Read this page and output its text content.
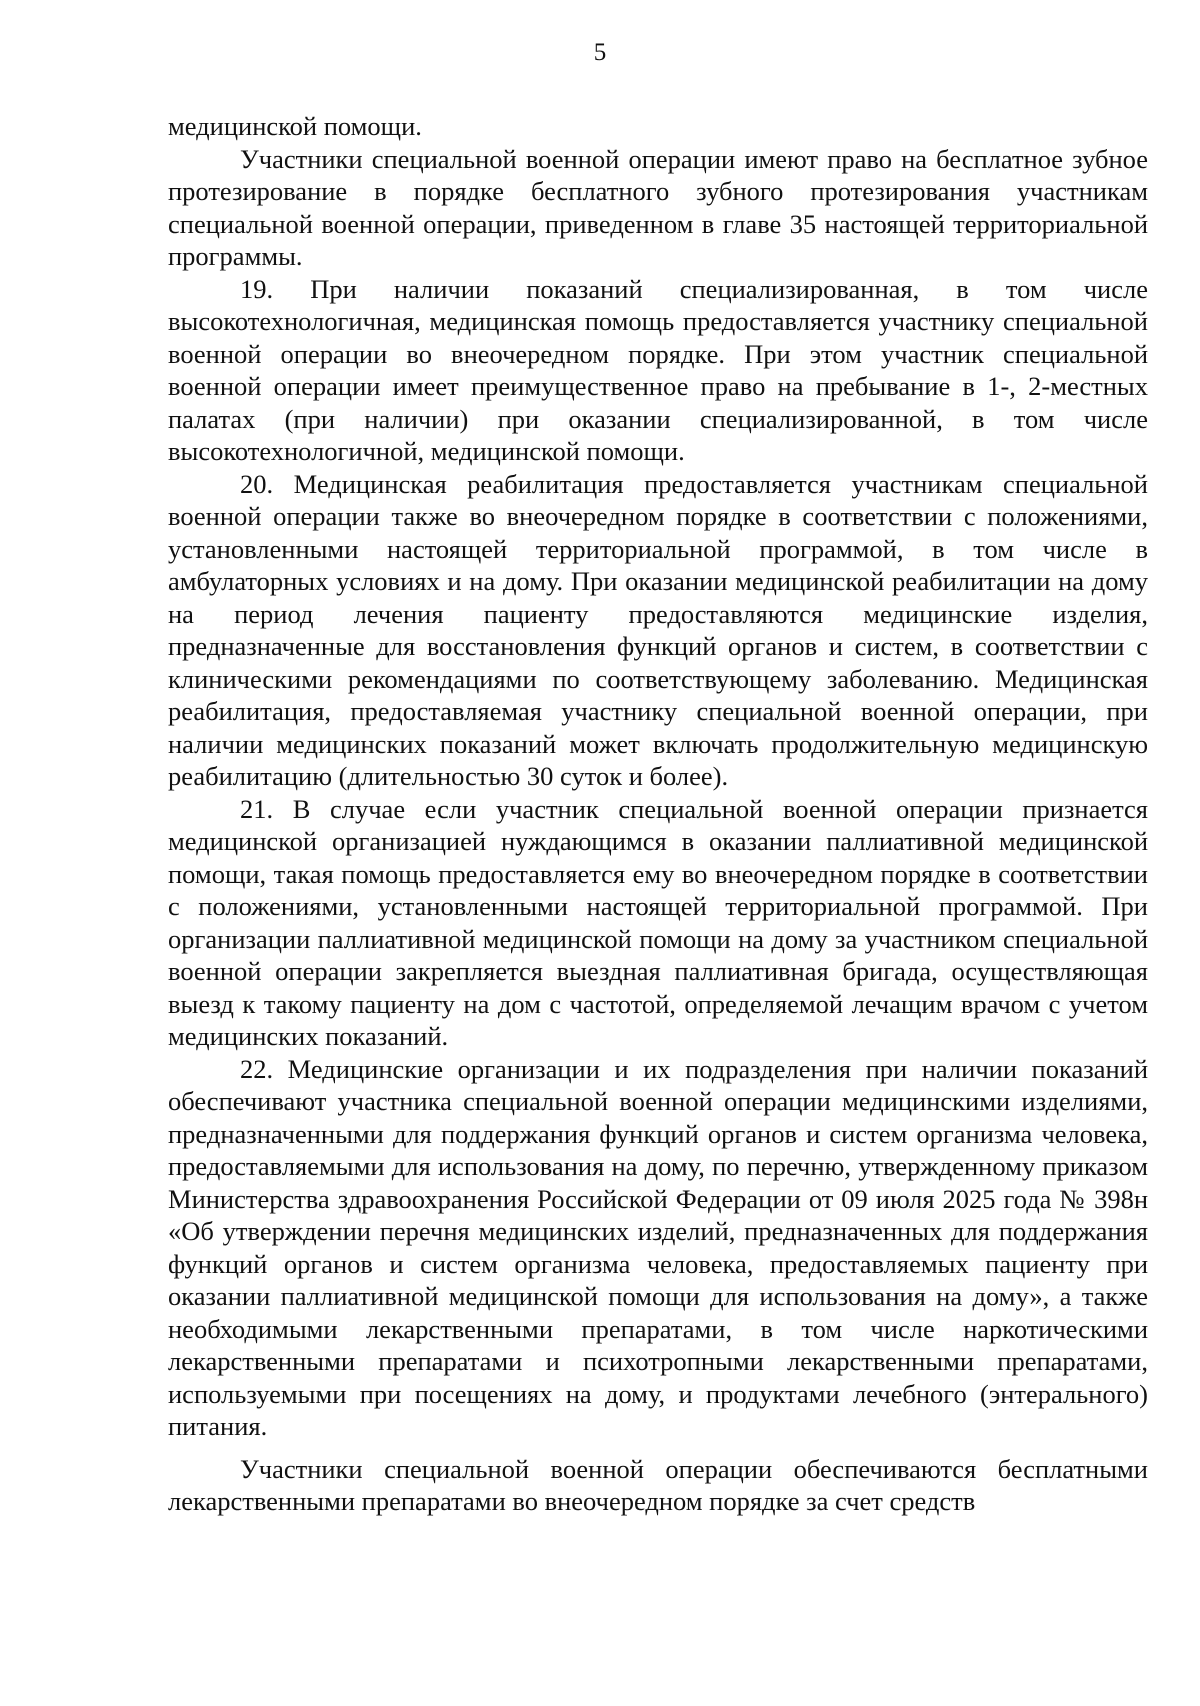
5

медицинской помощи.

Участники специальной военной операции имеют право на бесплатное зубное протезирование в порядке бесплатного зубного протезирования участникам специальной военной операции, приведенном в главе 35 настоящей территориальной программы.

19. При наличии показаний специализированная, в том числе высокотехнологичная, медицинская помощь предоставляется участнику специальной военной операции во внеочередном порядке. При этом участник специальной военной операции имеет преимущественное право на пребывание в 1-, 2-местных палатах (при наличии) при оказании специализированной, в том числе высокотехнологичной, медицинской помощи.

20. Медицинская реабилитация предоставляется участникам специальной военной операции также во внеочередном порядке в соответствии с положениями, установленными настоящей территориальной программой, в том числе в амбулаторных условиях и на дому. При оказании медицинской реабилитации на дому на период лечения пациенту предоставляются медицинские изделия, предназначенные для восстановления функций органов и систем, в соответствии с клиническими рекомендациями по соответствующему заболеванию. Медицинская реабилитация, предоставляемая участнику специальной военной операции, при наличии медицинских показаний может включать продолжительную медицинскую реабилитацию (длительностью 30 суток и более).

21. В случае если участник специальной военной операции признается медицинской организацией нуждающимся в оказании паллиативной медицинской помощи, такая помощь предоставляется ему во внеочередном порядке в соответствии с положениями, установленными настоящей территориальной программой. При организации паллиативной медицинской помощи на дому за участником специальной военной операции закрепляется выездная паллиативная бригада, осуществляющая выезд к такому пациенту на дом с частотой, определяемой лечащим врачом с учетом медицинских показаний.

22. Медицинские организации и их подразделения при наличии показаний обеспечивают участника специальной военной операции медицинскими изделиями, предназначенными для поддержания функций органов и систем организма человека, предоставляемыми для использования на дому, по перечню, утвержденному приказом Министерства здравоохранения Российской Федерации от 09 июля 2025 года № 398н «Об утверждении перечня медицинских изделий, предназначенных для поддержания функций органов и систем организма человека, предоставляемых пациенту при оказании паллиативной медицинской помощи для использования на дому», а также необходимыми лекарственными препаратами, в том числе наркотическими лекарственными препаратами и психотропными лекарственными препаратами, используемыми при посещениях на дому, и продуктами лечебного (энтерального) питания.

Участники специальной военной операции обеспечиваются бесплатными лекарственными препаратами во внеочередном порядке за счет средств
